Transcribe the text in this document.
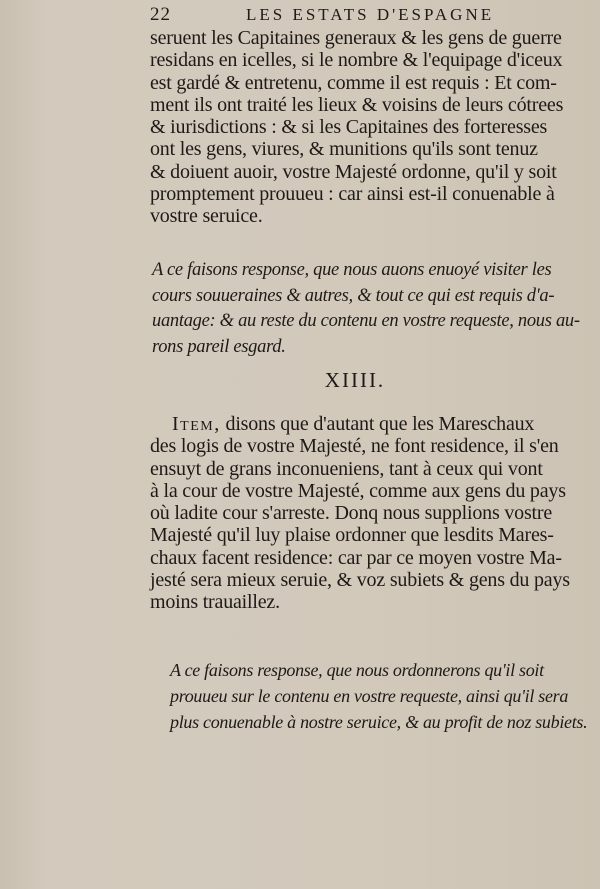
22	LES ESTATS D'ESPAGNE
seruent les Capitaines generaux & les gens de guerre
residans en icelles, si le nombre & l'equipage d'iceux
est gardé & entretenu, comme il est requis : Et com-
ment ils ont traité les lieux & voisins de leurs cótrees
& iurisdictions : & si les Capitaines des forteresses
ont les gens, viures, & munitions qu'ils sont tenuz
& doiuent auoir, vostre Majesté ordonne, qu'il y soit
promptement prouueu : car ainsi est-il conuenable à
vostre seruice.
A ce faisons response, que nous auons enuoyé visiter les
cours souueraines & autres, & tout ce qui est requis d'a-
uantage: & au reste du contenu en vostre requeste, nous au-
rons pareil esgard.
XIIII.
Item, disons que d'autant que les Mareschaux
des logis de vostre Majesté, ne font residence, il s'en
ensuyt de grans inconueniens, tant à ceux qui vont
à la cour de vostre Majesté, comme aux gens du pays
où ladite cour s'arreste. Donq nous supplions vostre
Majesté qu'il luy plaise ordonner que lesdits Mares-
chaux facent residence: car par ce moyen vostre Ma-
jesté sera mieux seruie, & voz subiets & gens du pays
moins trauaillez.
A ce faisons response, que nous ordonnerons qu'il soit
prouueu sur le contenu en vostre requeste, ainsi qu'il sera
plus conuenable à nostre seruice, & au profit de noz subiets.
